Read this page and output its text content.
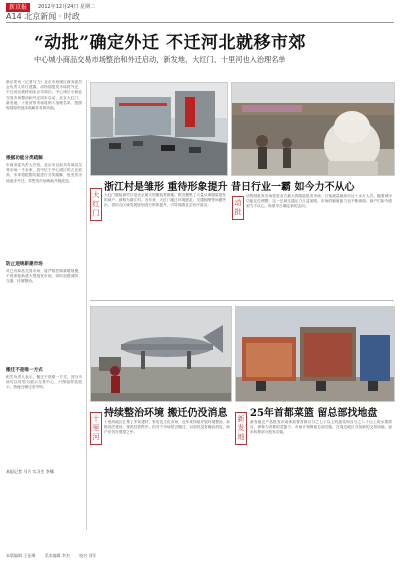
新京报	2012年12月24日 星期二
A14 北京新闻 · 时政
“动批”确定外迁 不迁河北就移市郊
中心城小商品交易市场整治和外迁启动，新发地、大红门、十里河也入治理名单
新京报讯（记者马力）北京市西城区商务委员会负责人昨日透露，动物园批发市场将外迁，不迁河北就移到北京市郊区。中心城区小商品交易市场整治和外迁同步启动，北京大红门、新发地、十里河等市场将纳入治理名单，按照规划原则逐步疏解非首都功能。
根据功能分类疏解
市商务委负责人介绍，北京市目前共有商品交易市场一千余家，其中位于中心城区的占比较高，未来将根据功能进行分类疏解，批发类市场逐步外迁，零售类市场就地升级改造。
防止违规新建市场
对已有商品交易市场，将严格控制新增规模，不再审批新建大型批发市场，同时加强消防、交通、环境整治。
搬迁不是唯一方式
相关负责人表示，搬迁不是唯一方式，部分市场可以转型为展示交易中心，只保留样品展示，物流仓储迁至外埠。
本报记者 马力 实习生 李娜
大红门
浙江村是雏形 重待形象提升
大红门服装商贸区是北京最大的服装集散地，附近聚集了大量从事服装批发的商户，被称为浙江村。近年来，大红门地区环境脏乱、交通拥堵等问题突出，将结合区域发展规划进行形象提升，引导低端业态有序退出。
昔日行业一霸 如今力不从心
动批
动物园批发市场曾是北方最大的服装批发市场，日客流量最高可达十余万人次。随着城市功能定位调整，这一区域交通压力日益加剧，市场的辐射能力也不断减弱，商户们如今感到力不从心，盼望早日确定新的去向。
十里河
持续整治环境 搬迁仍没消息
十里河地区汇集了多家建材、家居及文化市场，近年来持续开展环境整治，拆除违法建设，规范经营秩序。但对于市场是否搬迁，目前仍没有确切消息，商户们仍在观望之中。
新发地
25年首都菜篮 留总部找地盘
新发地农产品批发市场承担着首都百分之七十以上的蔬菜和百分之八十以上的水果供应，被称为首都的菜篮子。市场计划保留总部功能，在周边地区寻找新的交易场地，逐步转移部分批发功能。
本版编辑 王佳琳 美术编辑 李杰 校对 刘军
